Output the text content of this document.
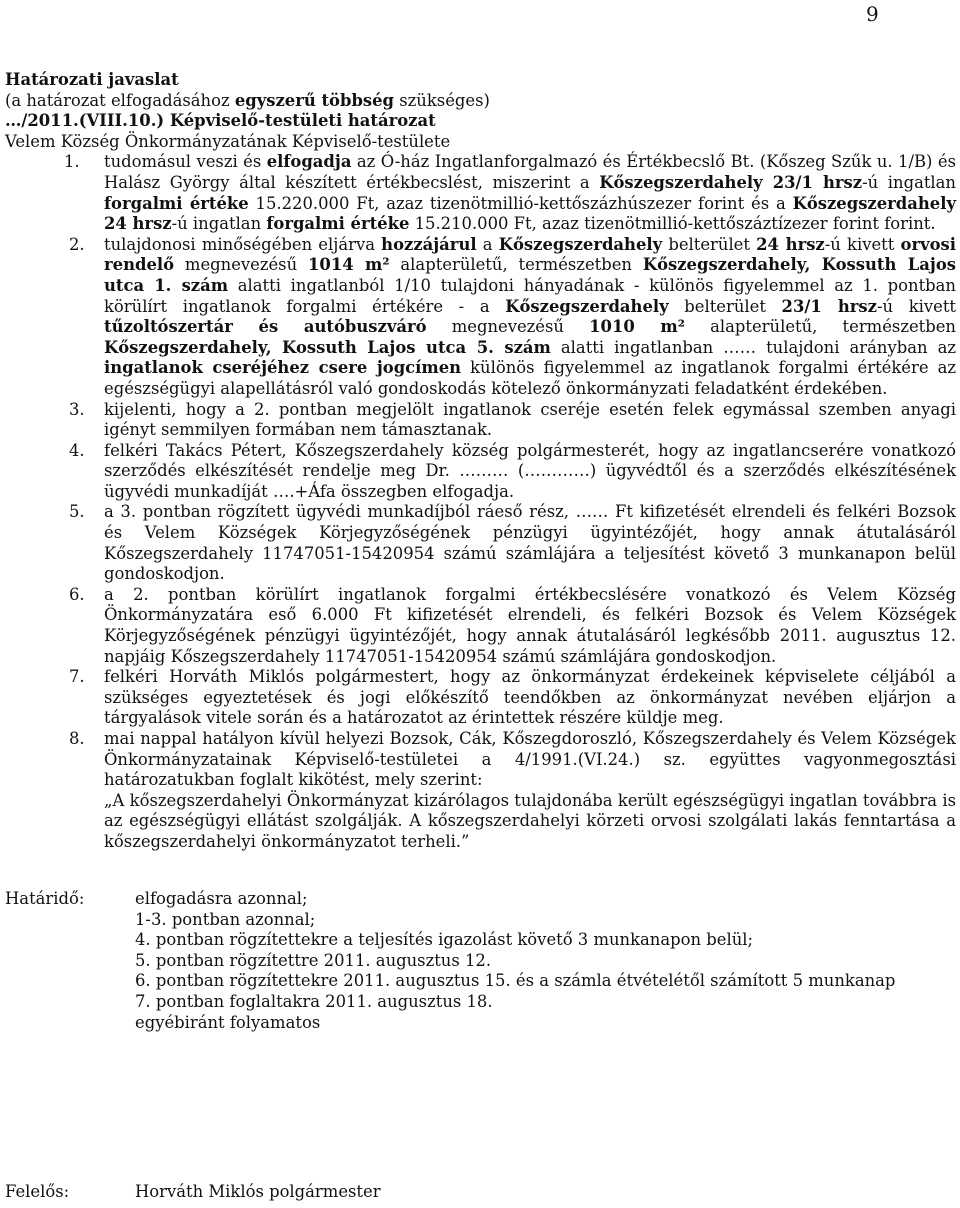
9
Határozati javaslat
(a határozat elfogadásához egyszerű többség szükséges)
…/2011.(VIII.10.) Képviselő-testületi határozat
Velem Község Önkormányzatának Képviselő-testülete
1. tudomásul veszi és elfogadja az Ó-ház Ingatlanforgalmazó és Értékbecslő Bt. (Kőszeg Szűk u. 1/B) és Halász György által készített értékbecslést, miszerint a Kőszegszerdahely 23/1 hrsz-ú ingatlan forgalmi értéke 15.220.000 Ft, azaz tizenötmillió-kettőszázhúszezer forint és a Kőszegszerdahely 24 hrsz-ú ingatlan forgalmi értéke 15.210.000 Ft, azaz tizenötmillió-kettőszáztízezer forint forint.
2. tulajdonosi minőségében eljárva hozzájárul a Kőszegszerdahely belterület 24 hrsz-ú kivett orvosi rendelő megnevezésű 1014 m² alapterületű, természetben Kőszegszerdahely, Kossuth Lajos utca 1. szám alatti ingatlanból 1/10 tulajdoni hányadának - különös figyelemmel az 1. pontban körülírt ingatlanok forgalmi értékére - a Kőszegszerdahely belterület 23/1 hrsz-ú kivett tűzoltószertár és autóbuszváró megnevezésű 1010 m² alapterületű, természetben Kőszegszerdahely, Kossuth Lajos utca 5. szám alatti ingatlanban …… tulajdoni arányban az ingatlanok cseréjéhez csere jogcímen különös figyelemmel az ingatlanok forgalmi értékére az egészségügyi alapellátásról való gondoskodás kötelező önkormányzati feladatként érdekében.
3. kijelenti, hogy a 2. pontban megjelölt ingatlanok cseréje esetén felek egymással szemben anyagi igényt semmilyen formában nem támasztanak.
4. felkéri Takács Pétert, Kőszegszerdahely község polgármesterét, hogy az ingatlancserére vonatkozó szerződés elkészítését rendelje meg Dr. ……… (…………) ügyvédtől és a szerződés elkészítésének ügyvédi munkadíját ….+Áfa összegben elfogadja.
5. a 3. pontban rögzített ügyvédi munkadíjból ráeső rész, …… Ft kifizetését elrendeli és felkéri Bozsok és Velem Községek Körjegyzőségének pénzügyi ügyintézőjét, hogy annak átutalásáról Kőszegszerdahely 11747051-15420954 számú számlájára a teljesítést követő 3 munkanapon belül gondoskodjon.
6. a 2. pontban körülírt ingatlanok forgalmi értékbecslésére vonatkozó és Velem Község Önkormányzatára eső 6.000 Ft kifizetését elrendeli, és felkéri Bozsok és Velem Községek Körjegyzőségének pénzügyi ügyintézőjét, hogy annak átutalásáról legkésőbb 2011. augusztus 12. napjáig Kőszegszerdahely 11747051-15420954 számú számlájára gondoskodjon.
7. felkéri Horváth Miklós polgármestert, hogy az önkormányzat érdekeinek képviselete céljából a szükséges egyeztetések és jogi előkészítő teendőkben az önkormányzat nevében eljárjon a tárgyalások vitele során és a határozatot az érintettek részére küldje meg.
8. mai nappal hatályon kívül helyezi Bozsok, Cák, Kőszegdoroszló, Kőszegszerdahely és Velem Községek Önkormányzatainak Képviselő-testületei a 4/1991.(VI.24.) sz. együttes vagyonmegosztási határozatukban foglalt kikötést, mely szerint:
„A kőszegszerdahelyi Önkormányzat kizárólagos tulajdonába került egészségügyi ingatlan továbbra is az egészségügyi ellátást szolgálják. A kőszegszerdahelyi körzeti orvosi szolgálati lakás fenntartása a kőszegszerdahelyi önkormányzatot terheli.”
Határidő:	elfogadásra azonnal;
1-3. pontban azonnal;
4. pontban rögzítettekre a teljesítés igazolást követő 3 munkanapon belül;
5. pontban rögzítettre 2011. augusztus 12.
6. pontban rögzítettekre 2011. augusztus 15. és a számla étvételétől számított 5 munkanap
7. pontban foglaltakra 2011. augusztus 18.
egyébiránt folyamatos
Felelős:	Horváth Miklós polgármester
